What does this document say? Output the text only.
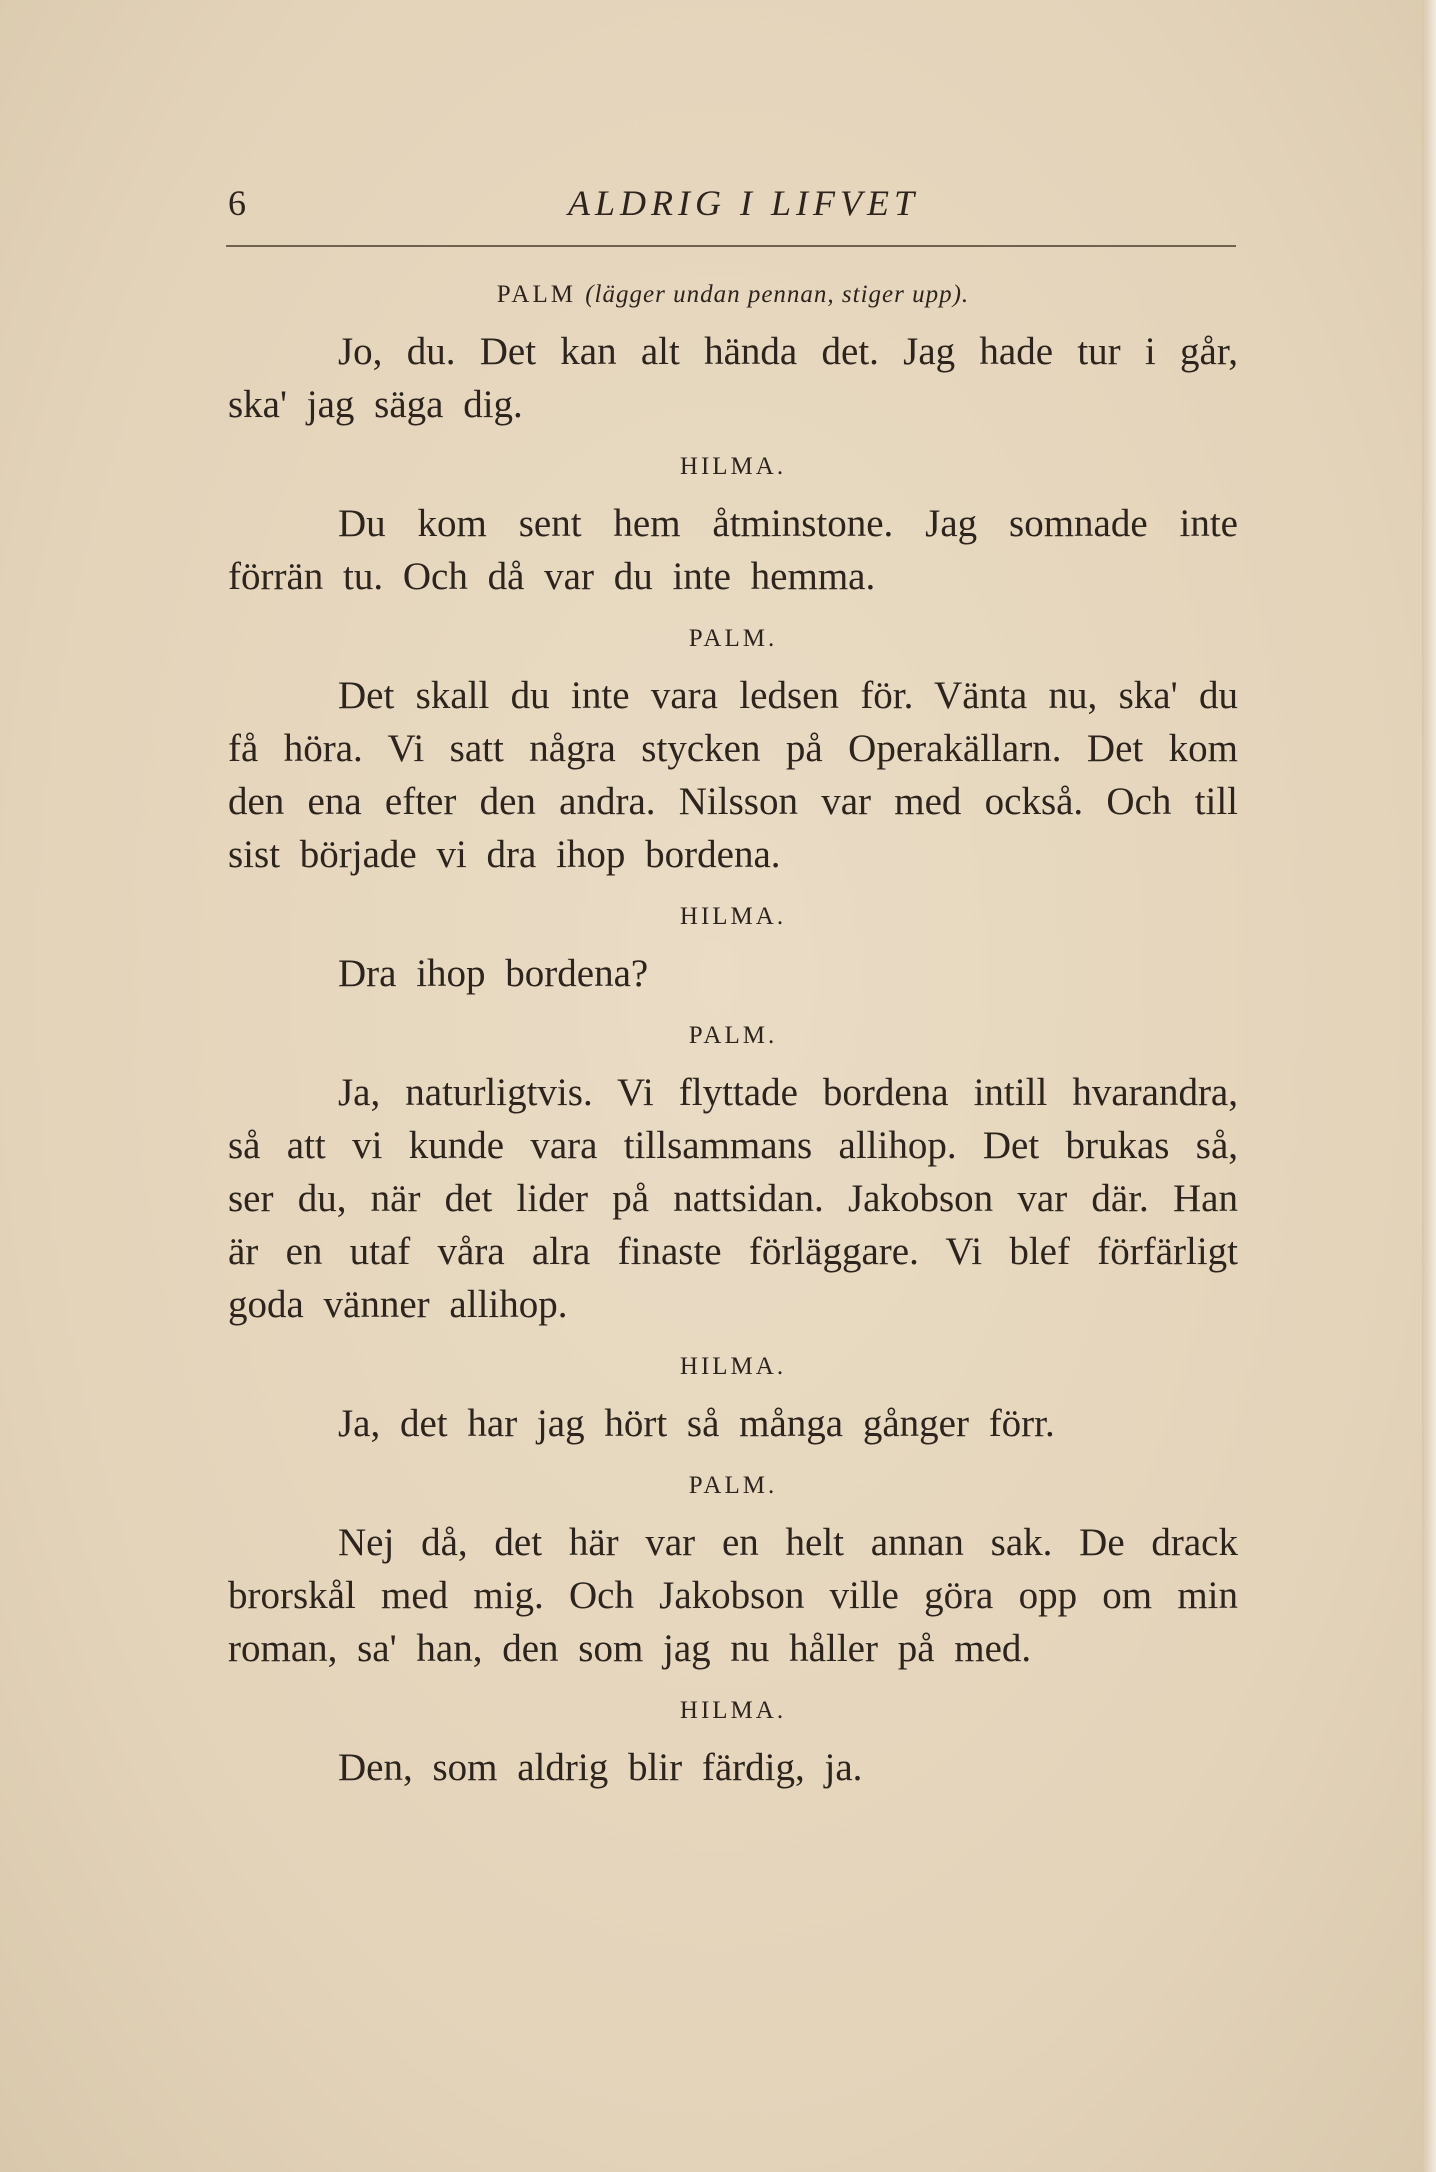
6	ALDRIG I LIFVET

PALM (lägger undan pennan, stiger upp).

Jo, du. Det kan alt hända det. Jag hade tur i går, ska' jag säga dig.

HILMA.

Du kom sent hem åtminstone. Jag somnade inte förrän tu. Och då var du inte hemma.

PALM.

Det skall du inte vara ledsen för. Vänta nu, ska' du få höra. Vi satt några stycken på Operakällarn. Det kom den ena efter den andra. Nilsson var med också. Och till sist började vi dra ihop bordena.

HILMA.

Dra ihop bordena?

PALM.

Ja, naturligtvis. Vi flyttade bordena intill hvarandra, så att vi kunde vara tillsammans allihop. Det brukas så, ser du, när det lider på nattsidan. Jakobson var där. Han är en utaf våra alra finaste förläggare. Vi blef förfärligt goda vänner allihop.

HILMA.

Ja, det har jag hört så många gånger förr.

PALM.

Nej då, det här var en helt annan sak. De drack brorskål med mig. Och Jakobson ville göra opp om min roman, sa' han, den som jag nu håller på med.

HILMA.

Den, som aldrig blir färdig, ja.
